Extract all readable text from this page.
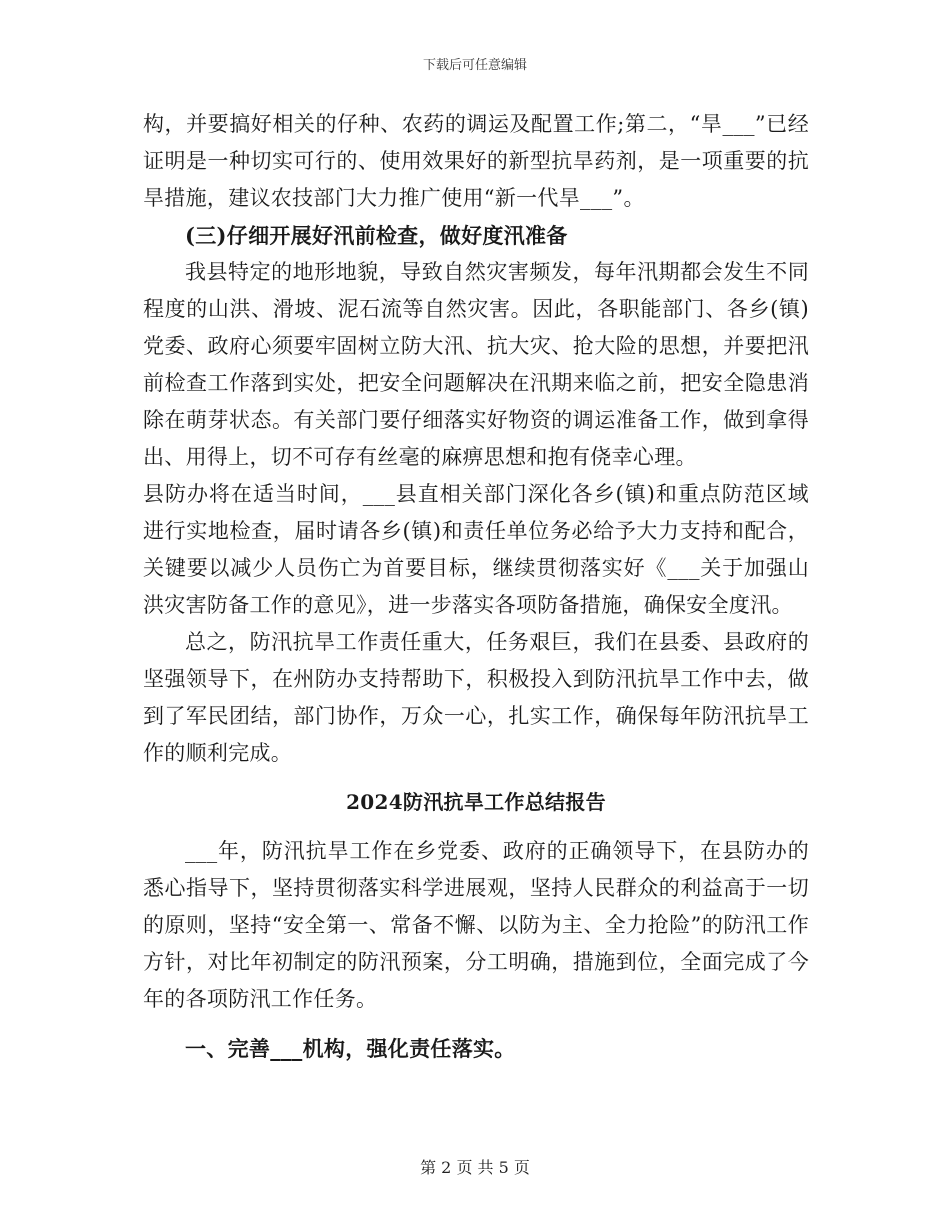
下载后可任意编辑

构，并要搞好相关的仔种、农药的调运及配置工作;第二，“旱___”已经证明是一种切实可行的、使用效果好的新型抗旱药剂，是一项重要的抗旱措施，建议农技部门大力推广使用“新一代旱___”。

(三)仔细开展好汛前检查，做好度汛准备

我县特定的地形地貌，导致自然灾害频发，每年汛期都会发生不同程度的山洪、滑坡、泥石流等自然灾害。因此，各职能部门、各乡(镇)党委、政府心须要牢固树立防大汛、抗大灾、抢大险的思想，并要把汛前检查工作落到实处，把安全问题解决在汛期来临之前，把安全隐患消除在萌芽状态。有关部门要仔细落实好物资的调运准备工作，做到拿得出、用得上，切不可存有丝毫的麻痹思想和抱有侥幸心理。

县防办将在适当时间，___县直相关部门深化各乡(镇)和重点防范区域进行实地检查，届时请各乡(镇)和责任单位务必给予大力支持和配合，关键要以减少人员伤亡为首要目标，继续贯彻落实好《___关于加强山洪灾害防备工作的意见》，进一步落实各项防备措施，确保安全度汛。

总之，防汛抗旱工作责任重大，任务艰巨，我们在县委、县政府的坚强领导下，在州防办支持帮助下，积极投入到防汛抗旱工作中去，做到了军民团结，部门协作，万众一心，扎实工作，确保每年防汛抗旱工作的顺利完成。

2024防汛抗旱工作总结报告

___年，防汛抗旱工作在乡党委、政府的正确领导下，在县防办的悉心指导下，坚持贯彻落实科学进展观，坚持人民群众的利益高于一切的原则，坚持“安全第一、常备不懈、以防为主、全力抢险”的防汛工作方针，对比年初制定的防汛预案，分工明确，措施到位，全面完成了今年的各项防汛工作任务。

一、完善___机构，强化责任落实。

第 2 页 共 5 页
